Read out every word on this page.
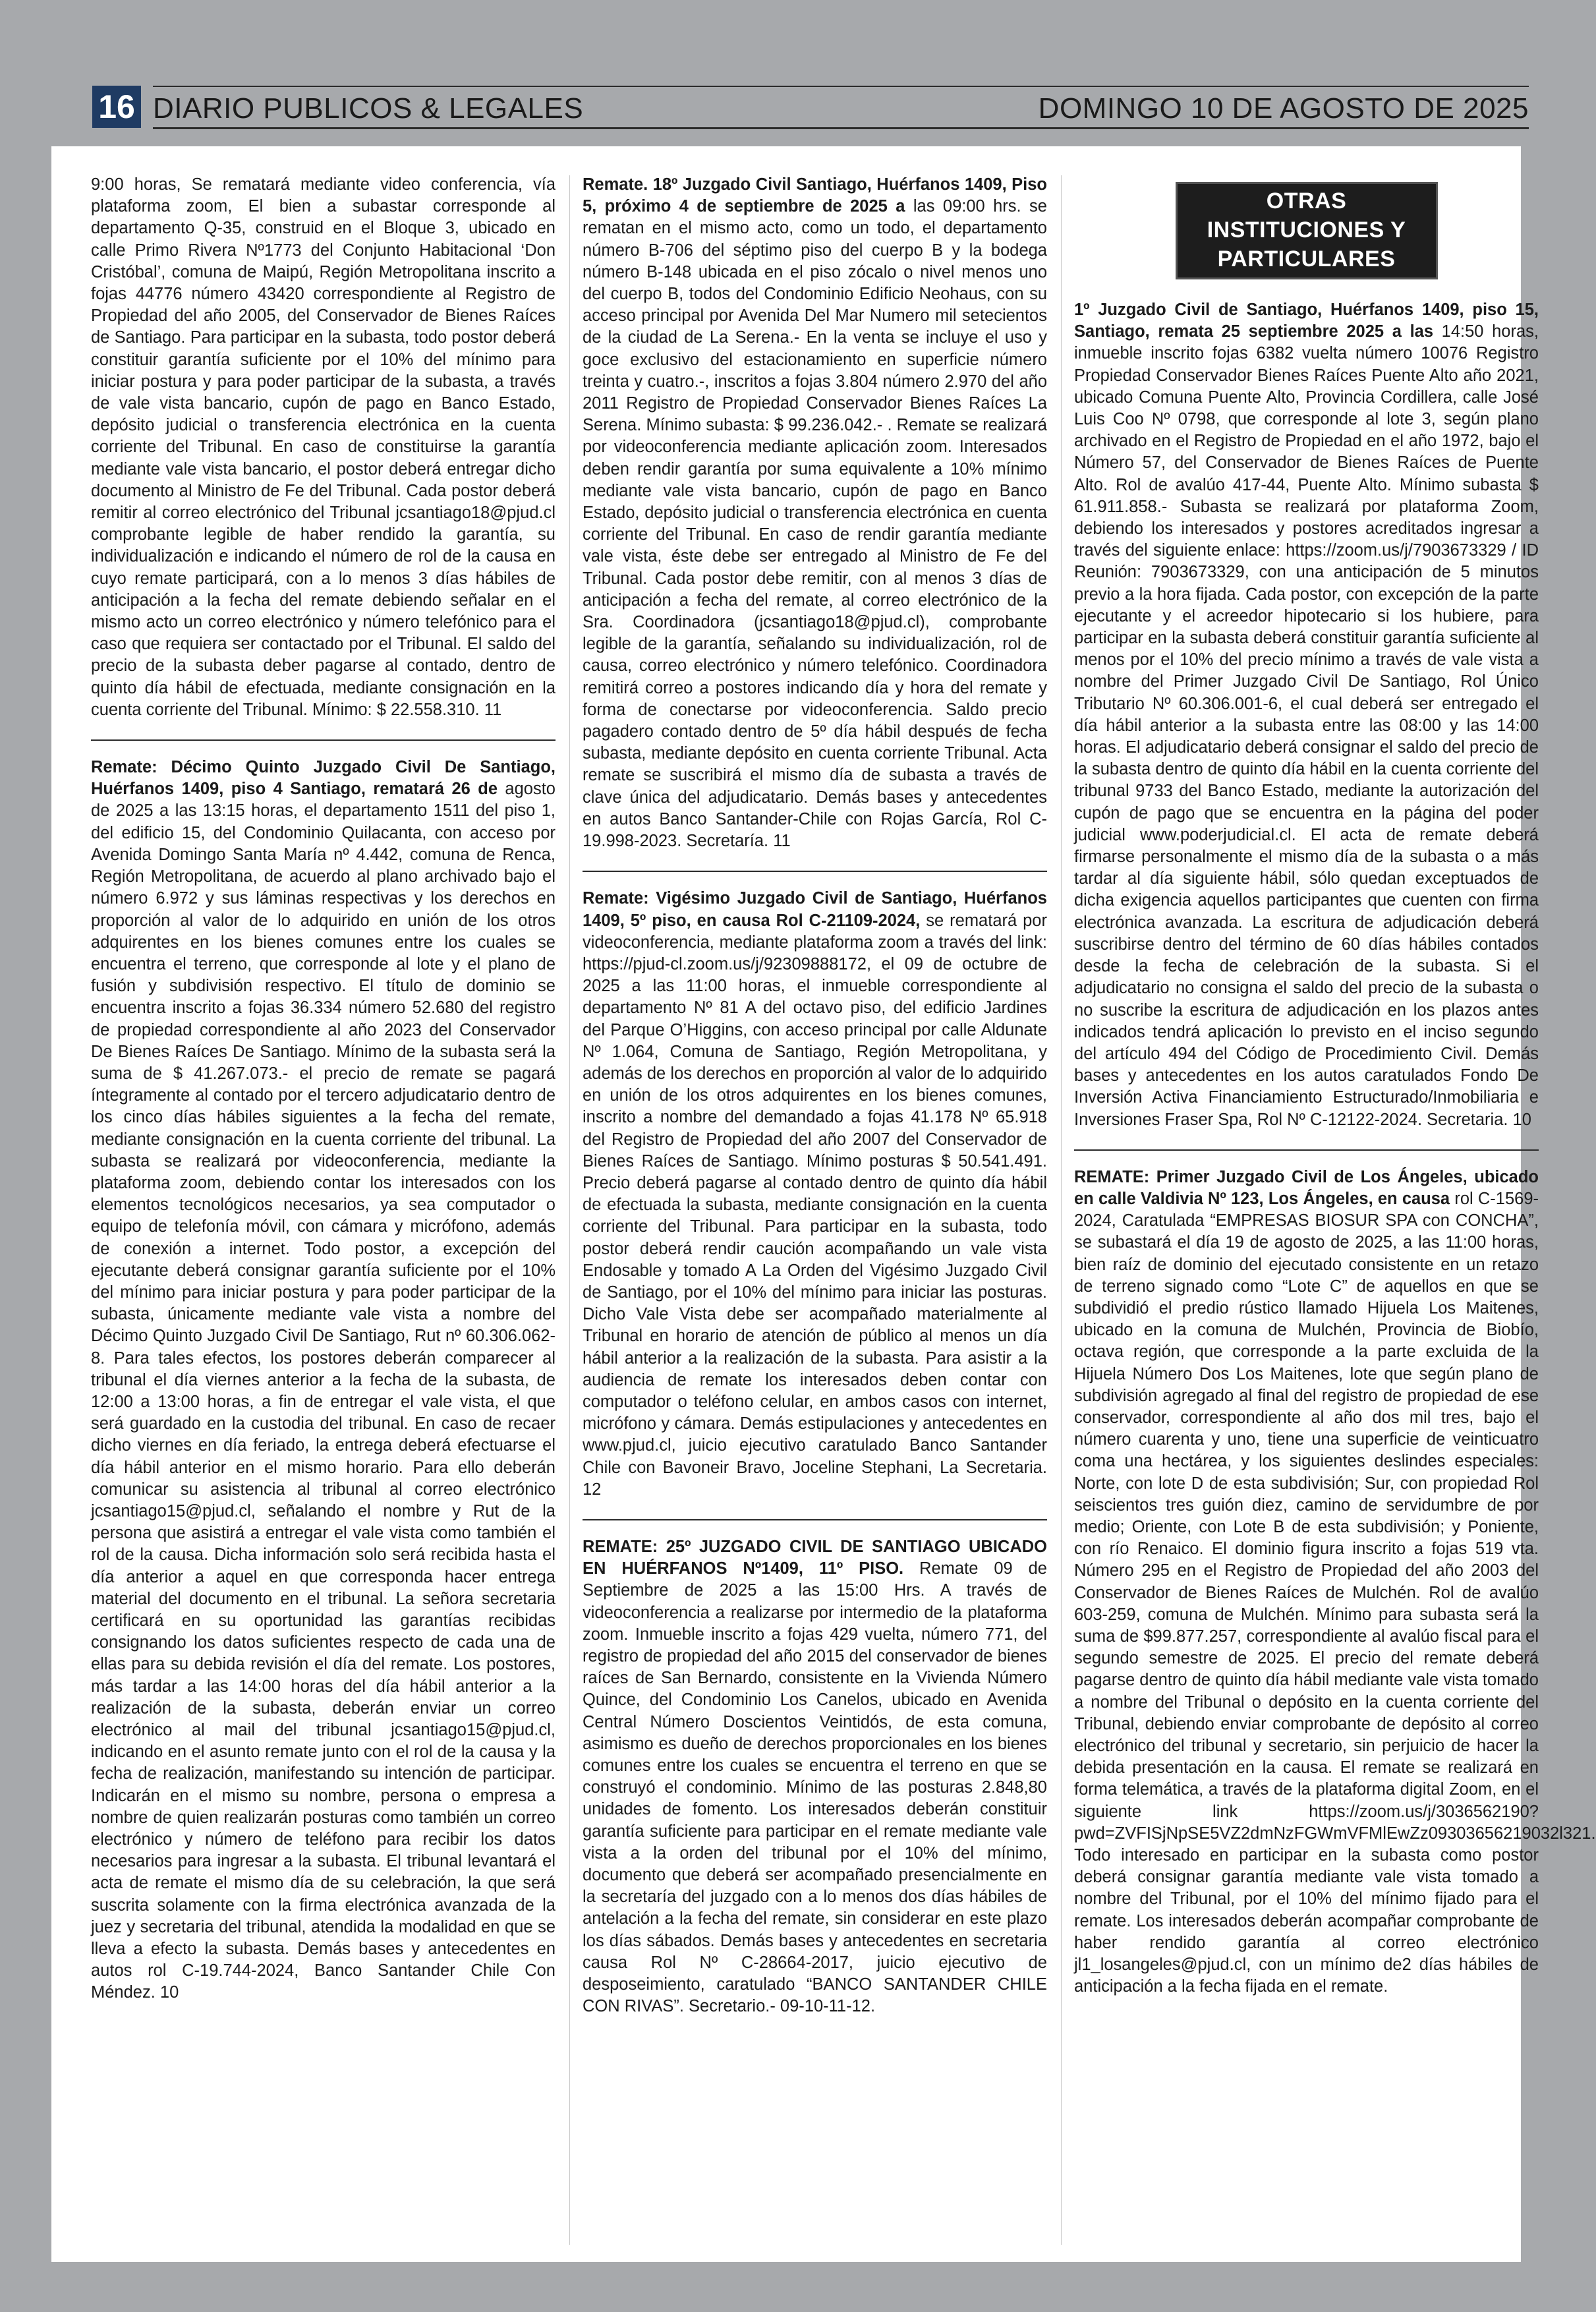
16 DIARIO PUBLICOS & LEGALES	DOMINGO 10 DE AGOSTO DE 2025

9:00 horas, Se rematará mediante video conferencia, vía plataforma zoom, El bien a subastar corresponde al departamento Q-35, construid en el Bloque 3, ubicado en calle Primo Rivera Nº1773 del Conjunto Habitacional ‘Don Cristóbal’, comuna de Maipú, Región Metropolitana inscrito a fojas 44776 número 43420 correspondiente al Registro de Propiedad del año 2005, del Conservador de Bienes Raíces de Santiago. Para participar en la subasta, todo postor deberá constituir garantía suficiente por el 10% del mínimo para iniciar postura y para poder participar de la subasta, a través de vale vista bancario, cupón de pago en Banco Estado, depósito judicial o transferencia electrónica en la cuenta corriente del Tribunal. En caso de constituirse la garantía mediante vale vista bancario, el postor deberá entregar dicho documento al Ministro de Fe del Tribunal. Cada postor deberá remitir al correo electrónico del Tribunal jcsantiago18@pjud.cl comprobante legible de haber rendido la garantía, su individualización e indicando el número de rol de la causa en cuyo remate participará, con a lo menos 3 días hábiles de anticipación a la fecha del remate debiendo señalar en el mismo acto un correo electrónico y número telefónico para el caso que requiera ser contactado por el Tribunal. El saldo del precio de la subasta deber pagarse al contado, dentro de quinto día hábil de efectuada, mediante consignación en la cuenta corriente del Tribunal. Mínimo: $ 22.558.310. 11

Remate: Décimo Quinto Juzgado Civil De Santiago, Huérfanos 1409, piso 4 Santiago, rematará 26 de agosto de 2025 a las 13:15 horas, el departamento 1511 del piso 1, del edificio 15, del Condominio Quilacanta, con acceso por Avenida Domingo Santa María nº 4.442, comuna de Renca, Región Metropolitana, de acuerdo al plano archivado bajo el número 6.972 y sus láminas respectivas y los derechos en proporción al valor de lo adquirido en unión de los otros adquirentes en los bienes comunes entre los cuales se encuentra el terreno, que corresponde al lote y el plano de fusión y subdivisión respectivo. El título de dominio se encuentra inscrito a fojas 36.334 número 52.680 del registro de propiedad correspondiente al año 2023 del Conservador De Bienes Raíces De Santiago. Mínimo de la subasta será la suma de $ 41.267.073.- el precio de remate se pagará íntegramente al contado por el tercero adjudicatario dentro de los cinco días hábiles siguientes a la fecha del remate, mediante consignación en la cuenta corriente del tribunal. La subasta se realizará por videoconferencia, mediante la plataforma zoom, debiendo contar los interesados con los elementos tecnológicos necesarios, ya sea computador o equipo de telefonía móvil, con cámara y micrófono, además de conexión a internet. Todo postor, a excepción del ejecutante deberá consignar garantía suficiente por el 10% del mínimo para iniciar postura y para poder participar de la subasta, únicamente mediante vale vista a nombre del Décimo Quinto Juzgado Civil De Santiago, Rut nº 60.306.062-8. Para tales efectos, los postores deberán comparecer al tribunal el día viernes anterior a la fecha de la subasta, de 12:00 a 13:00 horas, a fin de entregar el vale vista, el que será guardado en la custodia del tribunal. En caso de recaer dicho viernes en día feriado, la entrega deberá efectuarse el día hábil anterior en el mismo horario. Para ello deberán comunicar su asistencia al tribunal al correo electrónico jcsantiago15@pjud.cl, señalando el nombre y Rut de la persona que asistirá a entregar el vale vista como también el rol de la causa. Dicha información solo será recibida hasta el día anterior a aquel en que corresponda hacer entrega material del documento en el tribunal. La señora secretaria certificará en su oportunidad las garantías recibidas consignando los datos suficientes respecto de cada una de ellas para su debida revisión el día del remate. Los postores, más tardar a las 14:00 horas del día hábil anterior a la realización de la subasta, deberán enviar un correo electrónico al mail del tribunal jcsantiago15@pjud.cl, indicando en el asunto remate junto con el rol de la causa y la fecha de realización, manifestando su intención de participar. Indicarán en el mismo su nombre, persona o empresa a nombre de quien realizarán posturas como también un correo electrónico y número de teléfono para recibir los datos necesarios para ingresar a la subasta. El tribunal levantará el acta de remate el mismo día de su celebración, la que será suscrita solamente con la firma electrónica avanzada de la juez y secretaria del tribunal, atendida la modalidad en que se lleva a efecto la subasta. Demás bases y antecedentes en autos rol C-19.744-2024, Banco Santander Chile Con Méndez. 10

Remate. 18º Juzgado Civil Santiago, Huérfanos 1409, Piso 5, próximo 4 de septiembre de 2025 a las 09:00 hrs. se rematan en el mismo acto, como un todo, el departamento número B-706 del séptimo piso del cuerpo B y la bodega número B-148 ubicada en el piso zócalo o nivel menos uno del cuerpo B, todos del Condominio Edificio Neohaus, con su acceso principal por Avenida Del Mar Numero mil setecientos de la ciudad de La Serena.- En la venta se incluye el uso y goce exclusivo del estacionamiento en superficie número treinta y cuatro.-, inscritos a fojas 3.804 número 2.970 del año 2011 Registro de Propiedad Conservador Bienes Raíces La Serena. Mínimo subasta: $ 99.236.042.- . Remate se realizará por videoconferencia mediante aplicación zoom. Interesados deben rendir garantía por suma equivalente a 10% mínimo mediante vale vista bancario, cupón de pago en Banco Estado, depósito judicial o transferencia electrónica en cuenta corriente del Tribunal. En caso de rendir garantía mediante vale vista, éste debe ser entregado al Ministro de Fe del Tribunal. Cada postor debe remitir, con al menos 3 días de anticipación a fecha del remate, al correo electrónico de la Sra. Coordinadora (jcsantiago18@pjud.cl), comprobante legible de la garantía, señalando su individualización, rol de causa, correo electrónico y número telefónico. Coordinadora remitirá correo a postores indicando día y hora del remate y forma de conectarse por videoconferencia. Saldo precio pagadero contado dentro de 5º día hábil después de fecha subasta, mediante depósito en cuenta corriente Tribunal. Acta remate se suscribirá el mismo día de subasta a través de clave única del adjudicatario. Demás bases y antecedentes en autos Banco Santander-Chile con Rojas García, Rol C-19.998-2023. Secretaría. 11

Remate: Vigésimo Juzgado Civil de Santiago, Huérfanos 1409, 5º piso, en causa Rol C-21109-2024, se rematará por videoconferencia, mediante plataforma zoom a través del link: https://pjud-cl.zoom.us/j/92309888172, el 09 de octubre de 2025 a las 11:00 horas, el inmueble correspondiente al departamento Nº 81 A del octavo piso, del edificio Jardines del Parque O’Higgins, con acceso principal por calle Aldunate Nº 1.064, Comuna de Santiago, Región Metropolitana, y además de los derechos en proporción al valor de lo adquirido en unión de los otros adquirentes en los bienes comunes, inscrito a nombre del demandado a fojas 41.178 Nº 65.918 del Registro de Propiedad del año 2007 del Conservador de Bienes Raíces de Santiago. Mínimo posturas $ 50.541.491. Precio deberá pagarse al contado dentro de quinto día hábil de efectuada la subasta, mediante consignación en la cuenta corriente del Tribunal. Para participar en la subasta, todo postor deberá rendir caución acompañando un vale vista Endosable y tomado A La Orden del Vigésimo Juzgado Civil de Santiago, por el 10% del mínimo para iniciar las posturas. Dicho Vale Vista debe ser acompañado materialmente al Tribunal en horario de atención de público al menos un día hábil anterior a la realización de la subasta. Para asistir a la audiencia de remate los interesados deben contar con computador o teléfono celular, en ambos casos con internet, micrófono y cámara. Demás estipulaciones y antecedentes en www.pjud.cl, juicio ejecutivo caratulado Banco Santander Chile con Bavoneir Bravo, Joceline Stephani, La Secretaria. 12

REMATE: 25º JUZGADO CIVIL DE SANTIAGO UBICADO EN HUÉRFANOS Nº1409, 11º PISO. Remate 09 de Septiembre de 2025 a las 15:00 Hrs. A través de videoconferencia a realizarse por intermedio de la plataforma zoom. Inmueble inscrito a fojas 429 vuelta, número 771, del registro de propiedad del año 2015 del conservador de bienes raíces de San Bernardo, consistente en la Vivienda Número Quince, del Condominio Los Canelos, ubicado en Avenida Central Número Doscientos Veintidós, de esta comuna, asimismo es dueño de derechos proporcionales en los bienes comunes entre los cuales se encuentra el terreno en que se construyó el condominio. Mínimo de las posturas 2.848,80 unidades de fomento. Los interesados deberán constituir garantía suficiente para participar en el remate mediante vale vista a la orden del tribunal por el 10% del mínimo, documento que deberá ser acompañado presencialmente en la secretaría del juzgado con a lo menos dos días hábiles de antelación a la fecha del remate, sin considerar en este plazo los días sábados. Demás bases y antecedentes en secretaria causa Rol Nº C-28664-2017, juicio ejecutivo de desposeimiento, caratulado “BANCO SANTANDER CHILE CON RIVAS”. Secretario.- 09-10-11-12.

OTRAS INSTITUCIONES Y PARTICULARES

1º Juzgado Civil de Santiago, Huérfanos 1409, piso 15, Santiago, remata 25 septiembre 2025 a las 14:50 horas, inmueble inscrito fojas 6382 vuelta número 10076 Registro Propiedad Conservador Bienes Raíces Puente Alto año 2021, ubicado Comuna Puente Alto, Provincia Cordillera, calle José Luis Coo Nº 0798, que corresponde al lote 3, según plano archivado en el Registro de Propiedad en el año 1972, bajo el Número 57, del Conservador de Bienes Raíces de Puente Alto. Rol de avalúo 417-44, Puente Alto. Mínimo subasta $ 61.911.858.- Subasta se realizará por plataforma Zoom, debiendo los interesados y postores acreditados ingresar a través del siguiente enlace: https://zoom.us/j/7903673329 / ID Reunión: 7903673329, con una anticipación de 5 minutos previo a la hora fijada. Cada postor, con excepción de la parte ejecutante y el acreedor hipotecario si los hubiere, para participar en la subasta deberá constituir garantía suficiente al menos por el 10% del precio mínimo a través de vale vista a nombre del Primer Juzgado Civil De Santiago, Rol Único Tributario Nº 60.306.001-6, el cual deberá ser entregado el día hábil anterior a la subasta entre las 08:00 y las 14:00 horas. El adjudicatario deberá consignar el saldo del precio de la subasta dentro de quinto día hábil en la cuenta corriente del tribunal 9733 del Banco Estado, mediante la autorización del cupón de pago que se encuentra en la página del poder judicial www.poderjudicial.cl. El acta de remate deberá firmarse personalmente el mismo día de la subasta o a más tardar al día siguiente hábil, sólo quedan exceptuados de dicha exigencia aquellos participantes que cuenten con firma electrónica avanzada. La escritura de adjudicación deberá suscribirse dentro del término de 60 días hábiles contados desde la fecha de celebración de la subasta. Si el adjudicatario no consigna el saldo del precio de la subasta o no suscribe la escritura de adjudicación en los plazos antes indicados tendrá aplicación lo previsto en el inciso segundo del artículo 494 del Código de Procedimiento Civil. Demás bases y antecedentes en los autos caratulados Fondo De Inversión Activa Financiamiento Estructurado/Inmobiliaria e Inversiones Fraser Spa, Rol Nº C-12122-2024. Secretaria. 10

REMATE: Primer Juzgado Civil de Los Ángeles, ubicado en calle Valdivia Nº 123, Los Ángeles, en causa rol C-1569-2024, Caratulada “EMPRESAS BIOSUR SPA con CONCHA”, se subastará el día 19 de agosto de 2025, a las 11:00 horas, bien raíz de dominio del ejecutado consistente en un retazo de terreno signado como “Lote C” de aquellos en que se subdividió el predio rústico llamado Hijuela Los Maitenes, ubicado en la comuna de Mulchén, Provincia de Biobío, octava región, que corresponde a la parte excluida de la Hijuela Número Dos Los Maitenes, lote que según plano de subdivisión agregado al final del registro de propiedad de ese conservador, correspondiente al año dos mil tres, bajo el número cuarenta y uno, tiene una superficie de veinticuatro coma una hectárea, y los siguientes deslindes especiales: Norte, con lote D de esta subdivisión; Sur, con propiedad Rol seiscientos tres guión diez, camino de servidumbre de por medio; Oriente, con Lote B de esta subdivisión; y Poniente, con río Renaico. El dominio figura inscrito a fojas 519 vta. Número 295 en el Registro de Propiedad del año 2003 del Conservador de Bienes Raíces de Mulchén. Rol de avalúo 603-259, comuna de Mulchén. Mínimo para subasta será la suma de $99.877.257, correspondiente al avalúo fiscal para el segundo semestre de 2025. El precio del remate deberá pagarse dentro de quinto día hábil mediante vale vista tomado a nombre del Tribunal o depósito en la cuenta corriente del Tribunal, debiendo enviar comprobante de depósito al correo electrónico del tribunal y secretario, sin perjuicio de hacer la debida presentación en la causa. El remate se realizará en forma telemática, a través de la plataforma digital Zoom, en el siguiente link https://zoom.us/j/3036562190?pwd=ZVFISjNpSE5VZ2dmNzFGWmVFMlEwZz09303656219032l321. Todo interesado en participar en la subasta como postor deberá consignar garantía mediante vale vista tomado a nombre del Tribunal, por el 10% del mínimo fijado para el remate. Los interesados deberán acompañar comprobante de haber rendido garantía al correo electrónico jl1_losangeles@pjud.cl, con un mínimo de2 días hábiles de anticipación a la fecha fijada en el remate.
